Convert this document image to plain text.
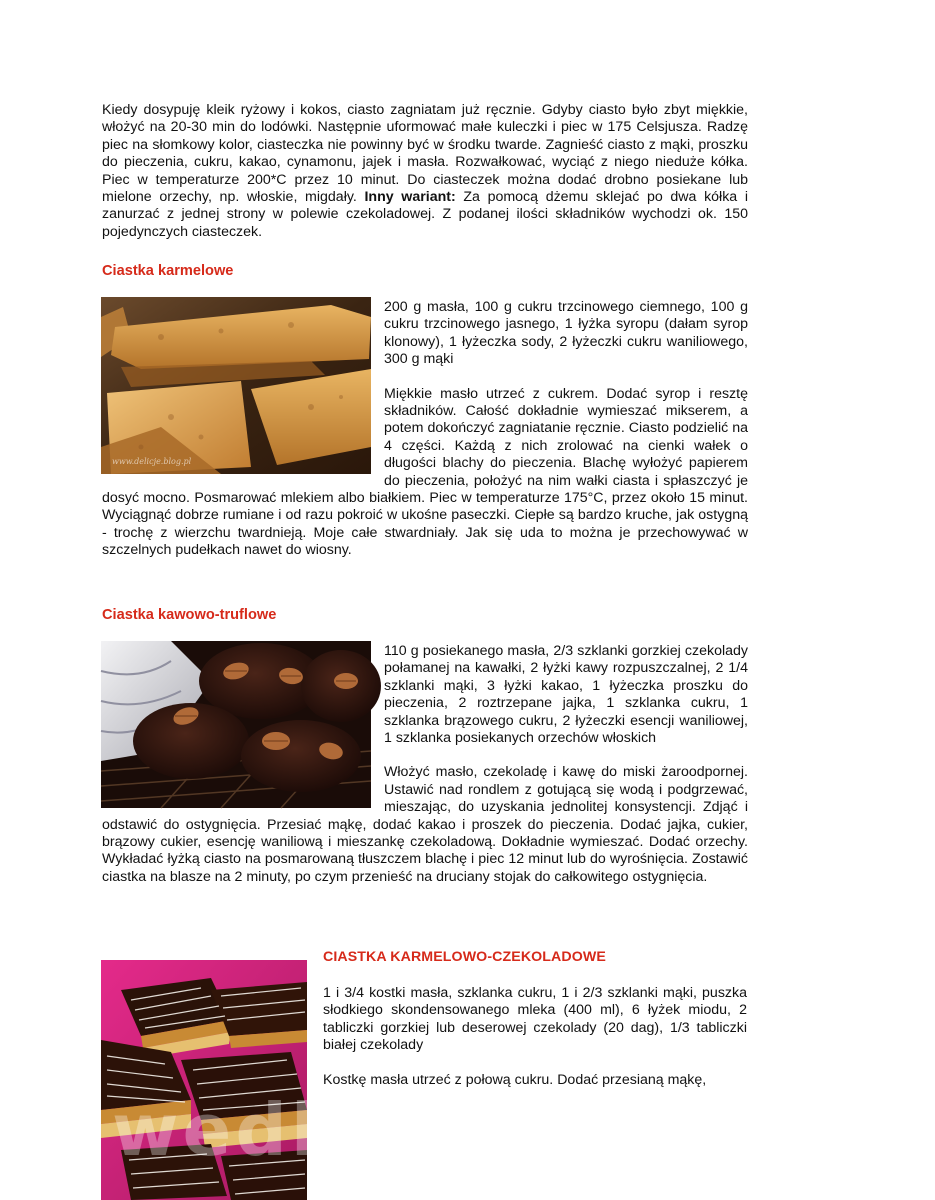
Kiedy dosypuję kleik ryżowy i kokos, ciasto zagniatam już ręcznie. Gdyby ciasto było zbyt miękkie, włożyć na 20-30 min do lodówki. Następnie uformować małe kuleczki i piec w 175 Celsjusza. Radzę piec na słomkowy kolor, ciasteczka nie powinny być w środku twarde. Zagnieść ciasto z mąki, proszku do pieczenia, cukru, kakao, cynamonu, jajek i masła. Rozwałkować, wyciąć z niego nieduże kółka. Piec w temperaturze 200*C przez 10 minut. Do ciasteczek można dodać drobno posiekane lub mielone orzechy, np. włoskie, migdały. Inny wariant: Za pomocą dżemu sklejać po dwa kółka i zanurzać z jednej strony w polewie czekoladowej. Z podanej ilości składników wychodzi ok. 150 pojedynczych ciasteczek.

Ciastka karmelowe

200 g masła, 100 g cukru trzcinowego ciemnego, 100 g cukru trzcinowego jasnego, 1 łyżka syropu (dałam syrop klonowy), 1 łyżeczka sody, 2 łyżeczki cukru waniliowego, 300 g mąki

Miękkie masło utrzeć z cukrem. Dodać syrop i resztę składników. Całość dokładnie wymieszać mikserem, a potem dokończyć zagniatanie ręcznie. Ciasto podzielić na 4 części. Każdą z nich zrolować na cienki wałek o długości blachy do pieczenia. Blachę wyłożyć papierem do pieczenia, położyć na nim wałki ciasta i spłaszczyć je dosyć mocno. Posmarować mlekiem albo białkiem. Piec w temperaturze 175°C, przez około 15 minut. Wyciągnąć dobrze rumiane i od razu pokroić w ukośne paseczki. Ciepłe są bardzo kruche, jak ostygną - trochę z wierzchu twardnieją. Moje całe stwardniały. Jak się uda to można je przechowywać w szczelnych pudełkach nawet do wiosny.

Ciastka kawowo-truflowe

110 g posiekanego masła, 2/3 szklanki gorzkiej czekolady połamanej na kawałki, 2 łyżki kawy rozpuszczalnej, 2 1/4 szklanki mąki, 3 łyżki kakao, 1 łyżeczka proszku do pieczenia, 2 roztrzepane jajka, 1 szklanka cukru, 1 szklanka brązowego cukru, 2 łyżeczki esencji waniliowej, 1 szklanka posiekanych orzechów włoskich

Włożyć masło, czekoladę i kawę do miski żaroodpornej. Ustawić nad rondlem z gotującą się wodą i podgrzewać, mieszając, do uzyskania jednolitej konsystencji. Zdjąć i odstawić do ostygnięcia. Przesiać mąkę, dodać kakao i proszek do pieczenia. Dodać jajka, cukier, brązowy cukier, esencję waniliową i mieszankę czekoladową. Dokładnie wymieszać. Dodać orzechy. Wykładać łyżką ciasto na posmarowaną tłuszczem blachę i piec 12 minut lub do wyrośnięcia. Zostawić ciastka na blasze na 2 minuty, po czym przenieść na druciany stojak do całkowitego ostygnięcia.

CIASTKA KARMELOWO-CZEKOLADOWE

1 i 3/4 kostki masła, szklanka cukru, 1 i 2/3 szklanki mąki, puszka słodkiego skondensowanego mleka (400 ml), 6 łyżek miodu, 2 tabliczki gorzkiej lub deserowej czekolady (20 dag), 1/3 tabliczki białej czekolady

Kostkę masła utrzeć z połową cukru. Dodać przesianą mąkę,

www.delicje.blog.pl
wedlinydomowe.pl
